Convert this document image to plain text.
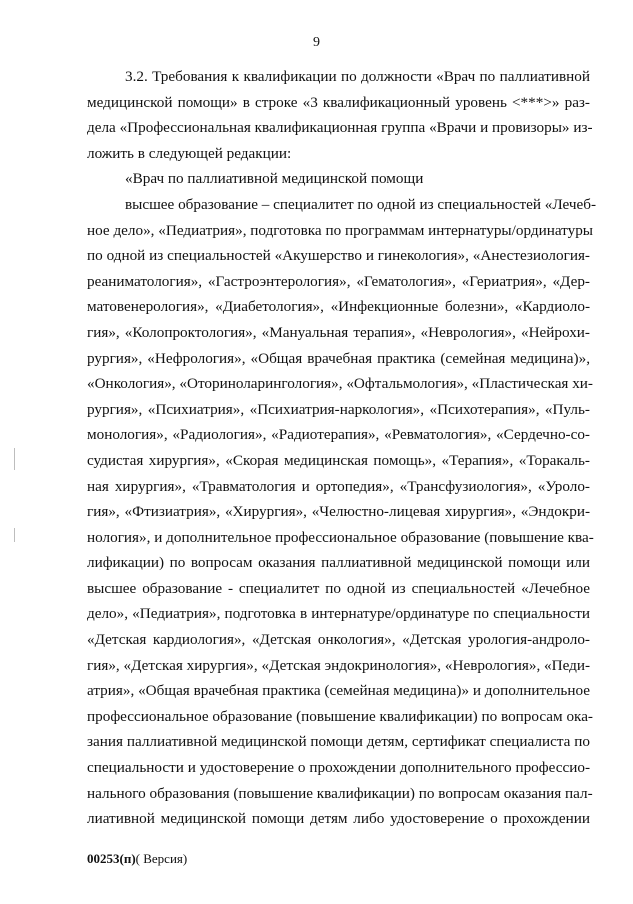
9
3.2. Требования к квалификации по должности «Врач по паллиативной
медицинской помощи» в строке «3 квалификационный уровень <***>» раз-
дела «Профессиональная квалификационная группа «Врачи и провизоры» из-
ложить в следующей редакции:
«Врач по паллиативной медицинской помощи
высшее образование – специалитет по одной из специальностей «Лечеб-
ное дело», «Педиатрия», подготовка по программам интернатуры/ординатуры
по одной из специальностей «Акушерство и гинекология», «Анестезиология-
реаниматология», «Гастроэнтерология», «Гематология», «Гериатрия», «Дер-
матовенерология», «Диабетология», «Инфекционные болезни», «Кардиоло-
гия», «Колопроктология», «Мануальная терапия», «Неврология», «Нейрохи-
рургия», «Нефрология», «Общая врачебная практика (семейная медицина)»,
«Онкология», «Оториноларингология», «Офтальмология», «Пластическая хи-
рургия», «Психиатрия», «Психиатрия-наркология», «Психотерапия», «Пуль-
монология», «Радиология», «Радиотерапия», «Ревматология», «Сердечно-со-
судистая хирургия», «Скорая медицинская помощь», «Терапия», «Торакаль-
ная хирургия», «Травматология и ортопедия», «Трансфузиология», «Уроло-
гия», «Фтизиатрия», «Хирургия», «Челюстно-лицевая хирургия», «Эндокри-
нология», и дополнительное профессиональное образование (повышение ква-
лификации) по вопросам оказания паллиативной медицинской помощи или
высшее образование - специалитет по одной из специальностей «Лечебное
дело», «Педиатрия», подготовка в интернатуре/ординатуре по специальности
«Детская кардиология», «Детская онкология», «Детская урология-андроло-
гия», «Детская хирургия», «Детская эндокринология», «Неврология», «Педи-
атрия», «Общая врачебная практика (семейная медицина)» и дополнительное
профессиональное образование (повышение квалификации) по вопросам ока-
зания паллиативной медицинской помощи детям, сертификат специалиста по
специальности и удостоверение о прохождении дополнительного профессио-
нального образования (повышение квалификации) по вопросам оказания пал-
лиативной медицинской помощи детям либо удостоверение о прохождении
00253(п)( Версия)
